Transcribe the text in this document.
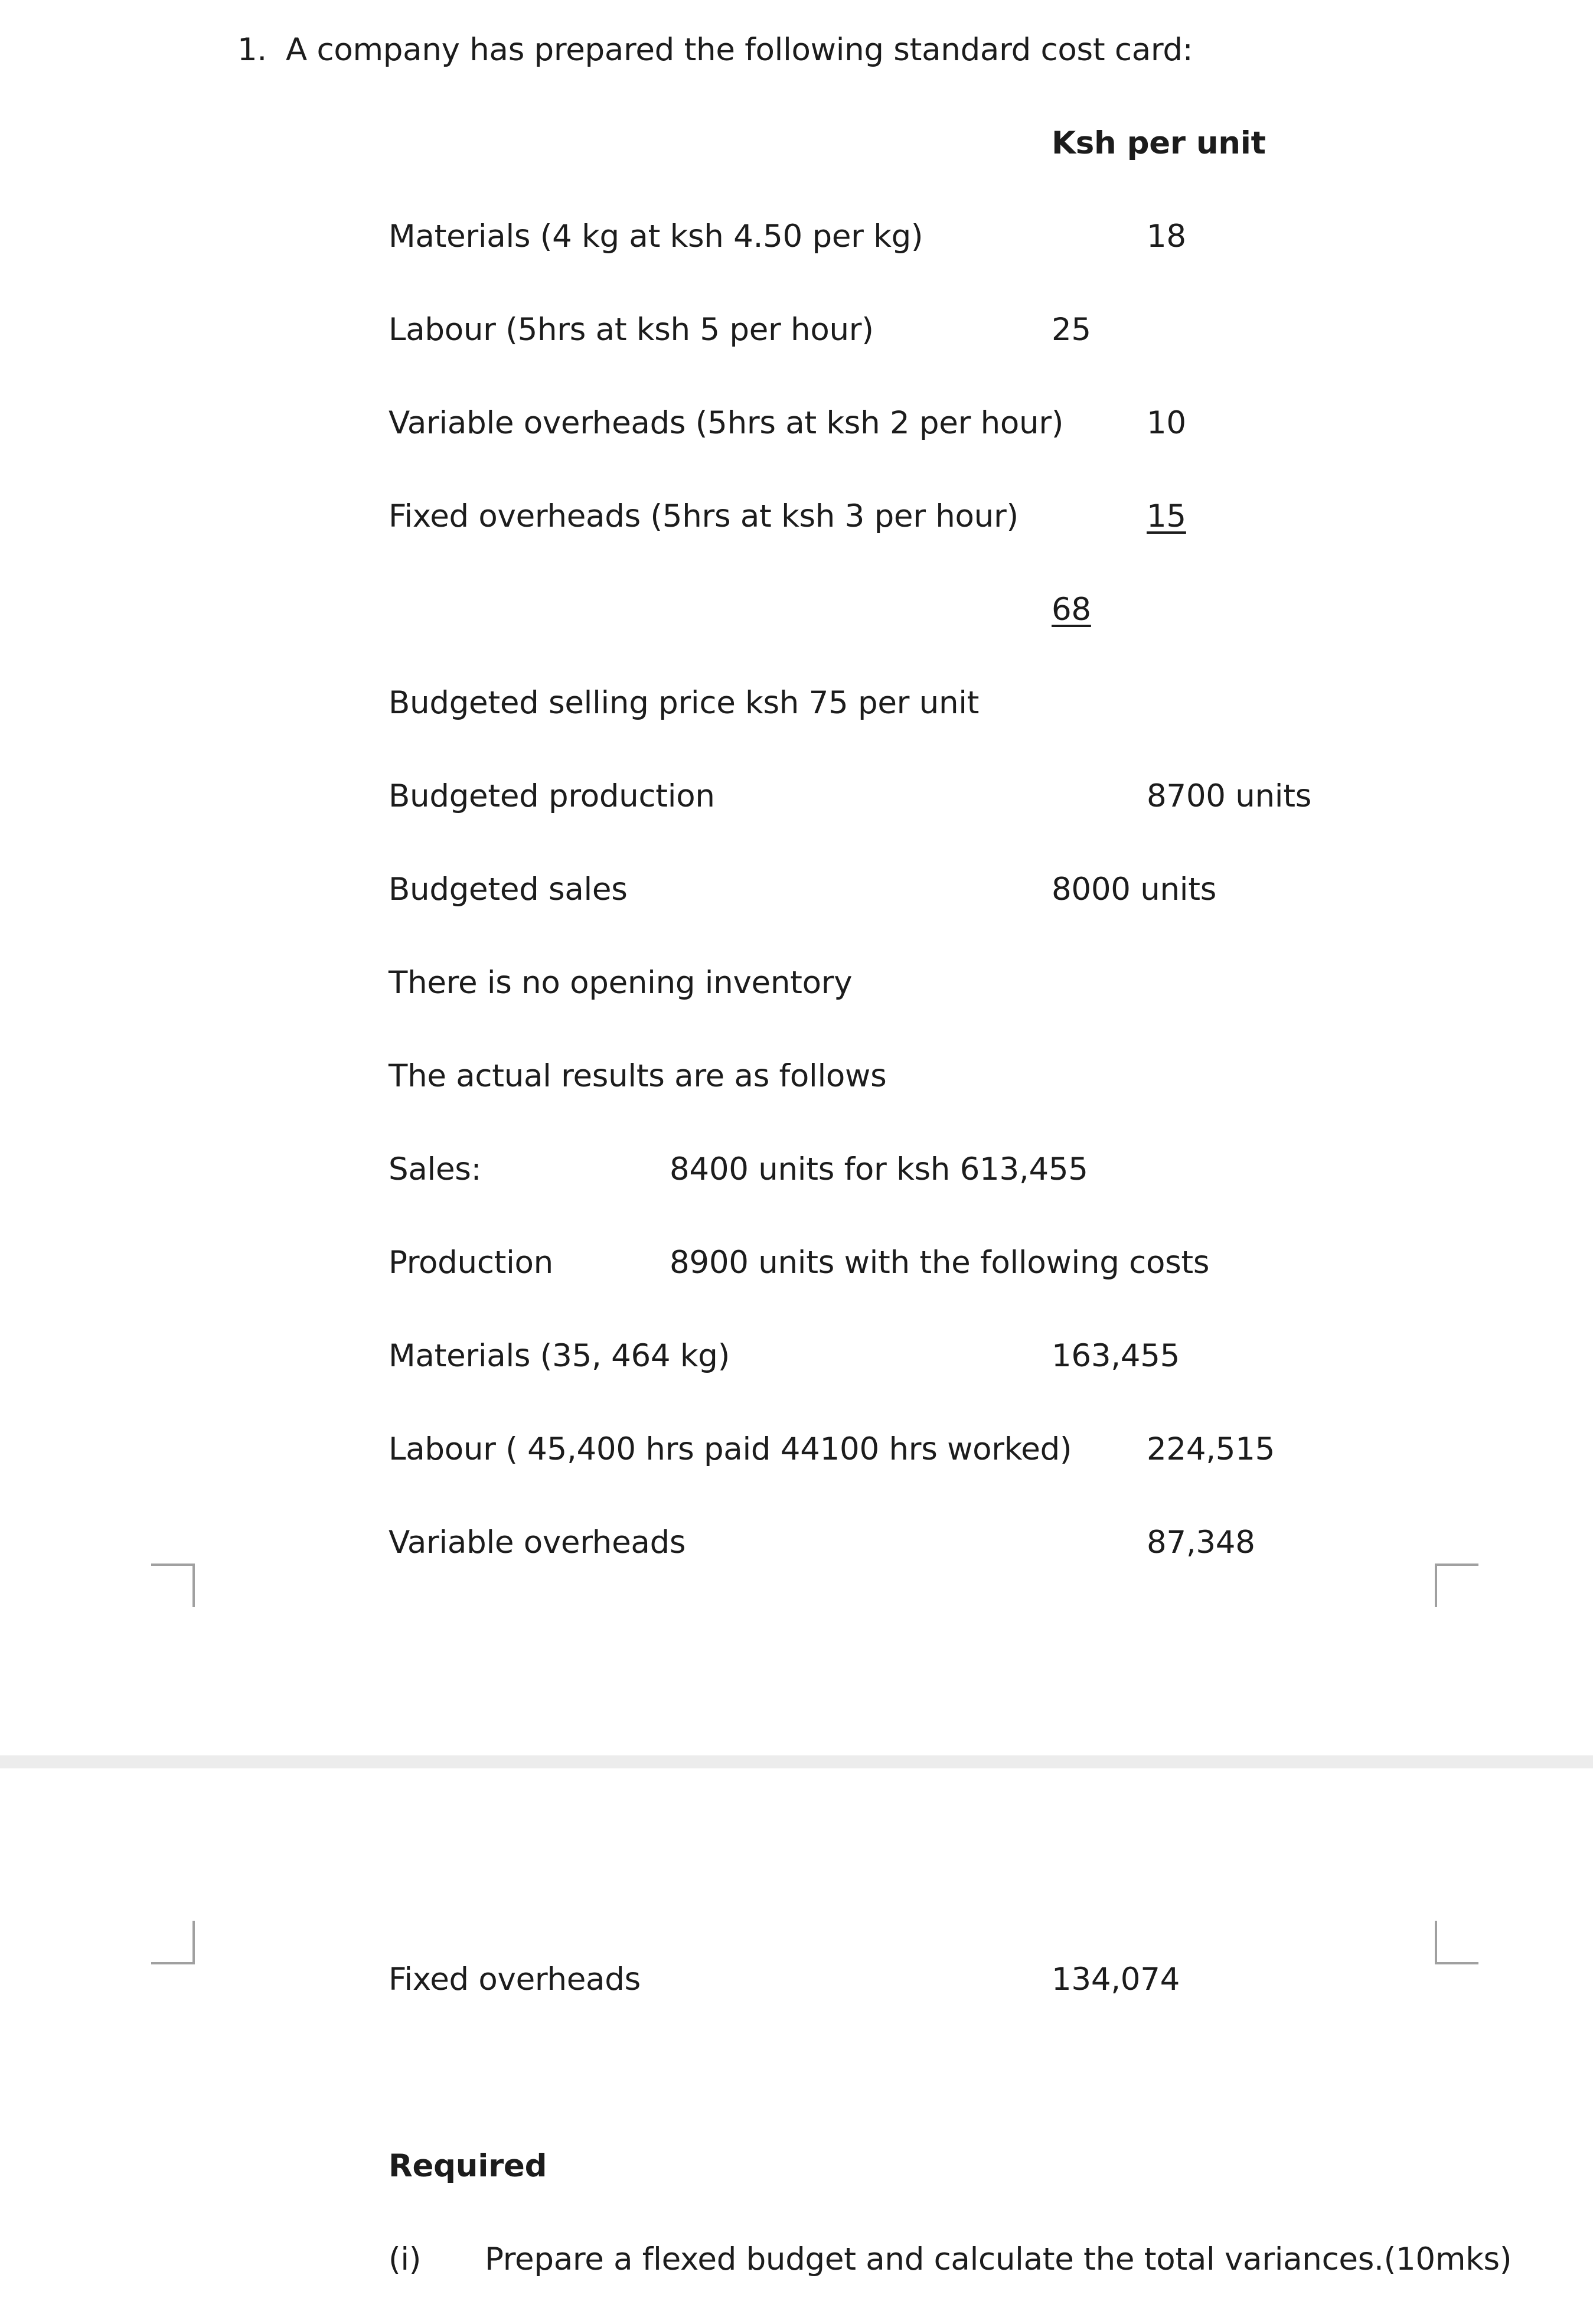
1. A company has prepared the following standard cost card:
Ksh per unit
Materials (4 kg at ksh 4.50 per kg)	18
Labour (5hrs at ksh 5 per hour)	25
Variable overheads (5hrs at ksh 2 per hour)	10
Fixed overheads (5hrs at ksh 3 per hour)	15
68
Budgeted selling price ksh 75 per unit
Budgeted production	8700 units
Budgeted sales	8000 units
There is no opening inventory
The actual results are as follows
Sales:	8400 units for ksh 613,455
Production	8900 units with the following costs
Materials (35, 464 kg)	163,455
Labour ( 45,400 hrs paid 44100 hrs worked) 224,515
Variable overheads	87,348
Fixed overheads	134,074
Required
(i) Prepare a flexed budget and calculate the total variances.(10mks)
